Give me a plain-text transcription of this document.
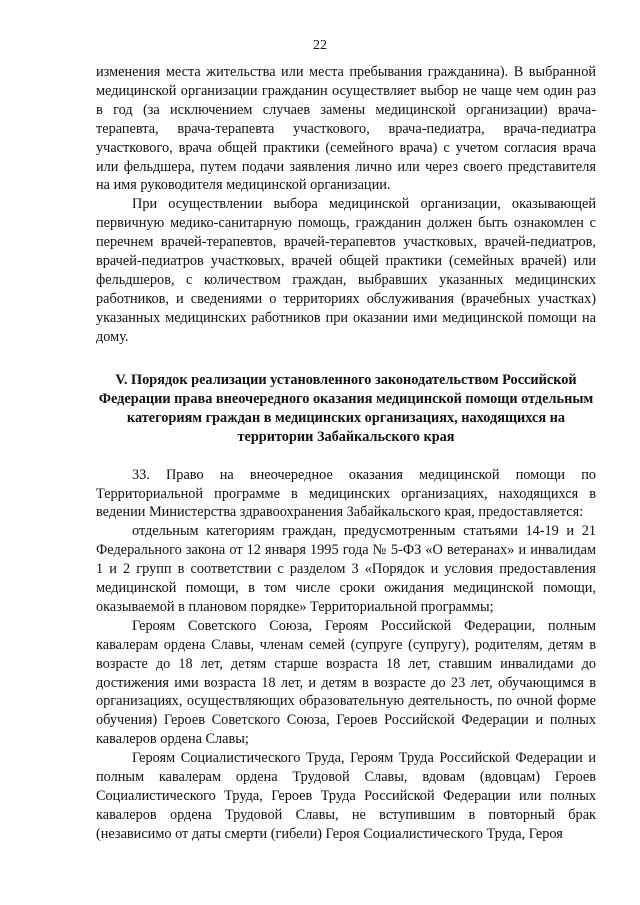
22

изменения места жительства или места пребывания гражданина). В выбранной медицинской организации гражданин осуществляет выбор не чаще чем один раз в год (за исключением случаев замены медицинской организации) врача-терапевта, врача-терапевта участкового, врача-педиатра, врача-педиатра участкового, врача общей практики (семейного врача) с учетом согласия врача или фельдшера, путем подачи заявления лично или через своего представителя на имя руководителя медицинской организации.

При осуществлении выбора медицинской организации, оказывающей первичную медико-санитарную помощь, гражданин должен быть ознакомлен с перечнем врачей-терапевтов, врачей-терапевтов участковых, врачей-педиатров, врачей-педиатров участковых, врачей общей практики (семейных врачей) или фельдшеров, с количеством граждан, выбравших указанных медицинских работников, и сведениями о территориях обслуживания (врачебных участках) указанных медицинских работников при оказании ими медицинской помощи на дому.

V. Порядок реализации установленного законодательством Российской Федерации права внеочередного оказания медицинской помощи отдельным категориям граждан в медицинских организациях, находящихся на территории Забайкальского края

33. Право на внеочередное оказания медицинской помощи по Территориальной программе в медицинских организациях, находящихся в ведении Министерства здравоохранения Забайкальского края, предоставляется:

отдельным категориям граждан, предусмотренным статьями 14-19 и 21 Федерального закона от 12 января 1995 года № 5-ФЗ «О ветеранах» и инвалидам 1 и 2 групп в соответствии с разделом 3 «Порядок и условия предоставления медицинской помощи, в том числе сроки ожидания медицинской помощи, оказываемой в плановом порядке» Территориальной программы;

Героям Советского Союза, Героям Российской Федерации, полным кавалерам ордена Славы, членам семей (супруге (супругу), родителям, детям в возрасте до 18 лет, детям старше возраста 18 лет, ставшим инвалидами до достижения ими возраста 18 лет, и детям в возрасте до 23 лет, обучающимся в организациях, осуществляющих образовательную деятельность, по очной форме обучения) Героев Советского Союза, Героев Российской Федерации и полных кавалеров ордена Славы;

Героям Социалистического Труда, Героям Труда Российской Федерации и полным кавалерам ордена Трудовой Славы, вдовам (вдовцам) Героев Социалистического Труда, Героев Труда Российской Федерации или полных кавалеров ордена Трудовой Славы, не вступившим в повторный брак (независимо от даты смерти (гибели) Героя Социалистического Труда, Героя
